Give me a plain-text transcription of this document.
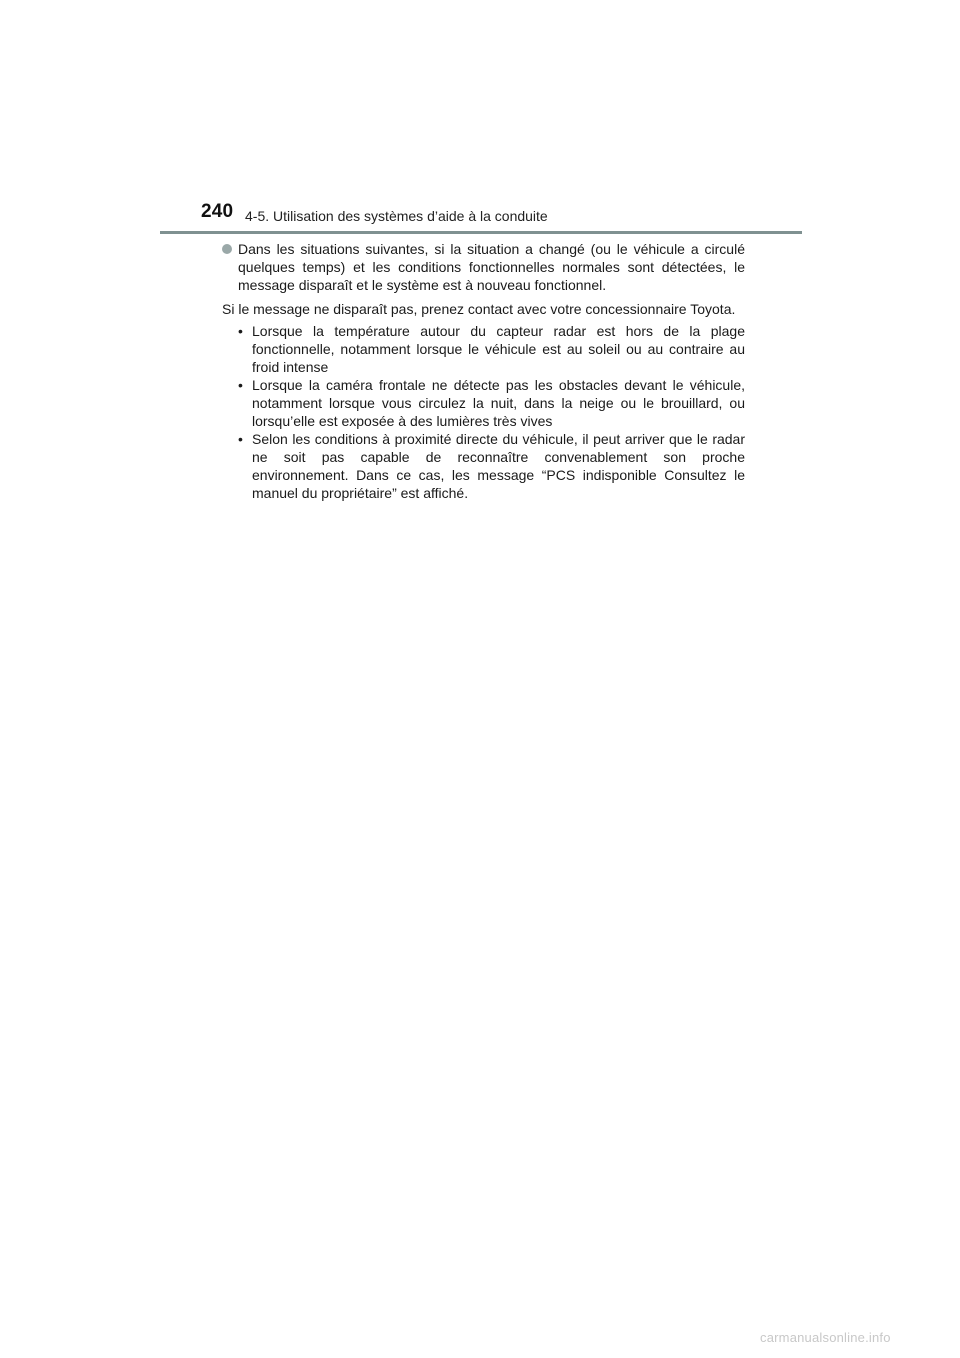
240 4-5. Utilisation des systèmes d’aide à la conduite
Dans les situations suivantes, si la situation a changé (ou le véhicule a circulé quelques temps) et les conditions fonctionnelles normales sont détectées, le message disparaît et le système est à nouveau fonctionnel.

Si le message ne disparaît pas, prenez contact avec votre concessionnaire Toyota.

• Lorsque la température autour du capteur radar est hors de la plage fonctionnelle, notamment lorsque le véhicule est au soleil ou au contraire au froid intense
• Lorsque la caméra frontale ne détecte pas les obstacles devant le véhicule, notamment lorsque vous circulez la nuit, dans la neige ou le brouillard, ou lorsqu’elle est exposée à des lumières très vives
• Selon les conditions à proximité directe du véhicule, il peut arriver que le radar ne soit pas capable de reconnaître convenablement son proche environnement. Dans ce cas, les message “PCS indisponible Consultez le manuel du propriétaire” est affiché.
carmanualsonline.info
